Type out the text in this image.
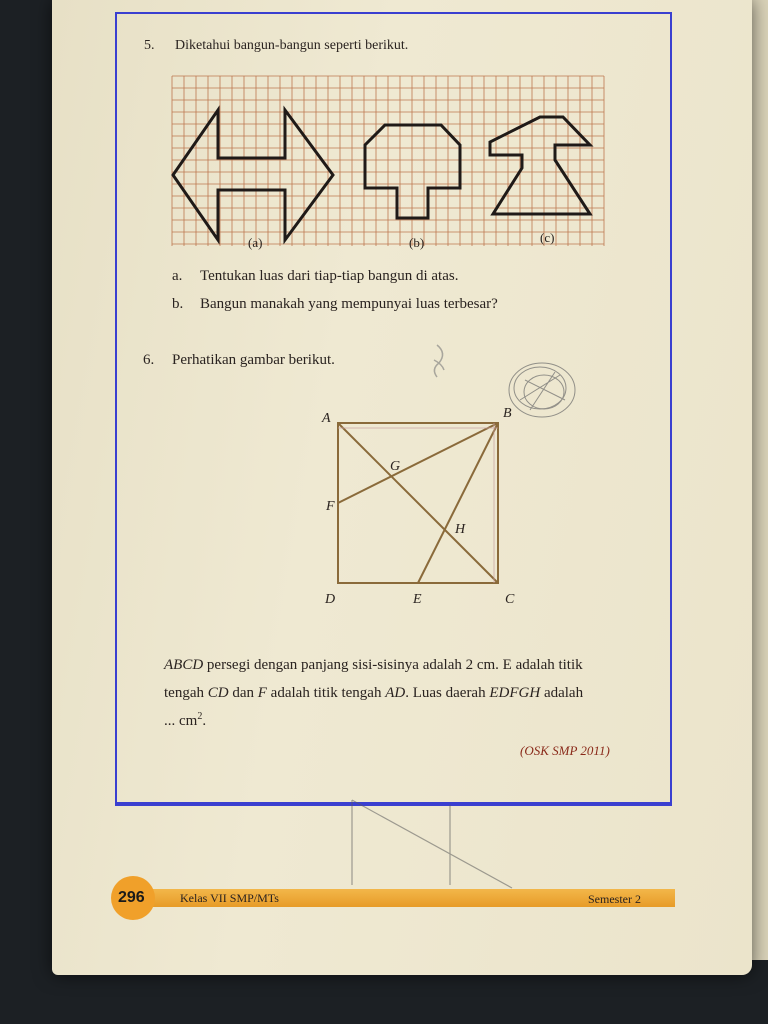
5. Diketahui bangun-bangun seperti berikut.
(a)	(b)	(c)
a. Tentukan luas dari tiap-tiap bangun di atas.
b. Bangun manakah yang mempunyai luas terbesar?
6. Perhatikan gambar berikut.
A	B
C
D	E
F
G
H
ABCD persegi dengan panjang sisi-sisinya adalah 2 cm. E adalah titik
tengah CD dan F adalah titik tengah AD. Luas daerah EDFGH adalah
... $cm^2$.
(OSK SMP 2011)
296	Kelas VII SMP/MTs	Semester 2
